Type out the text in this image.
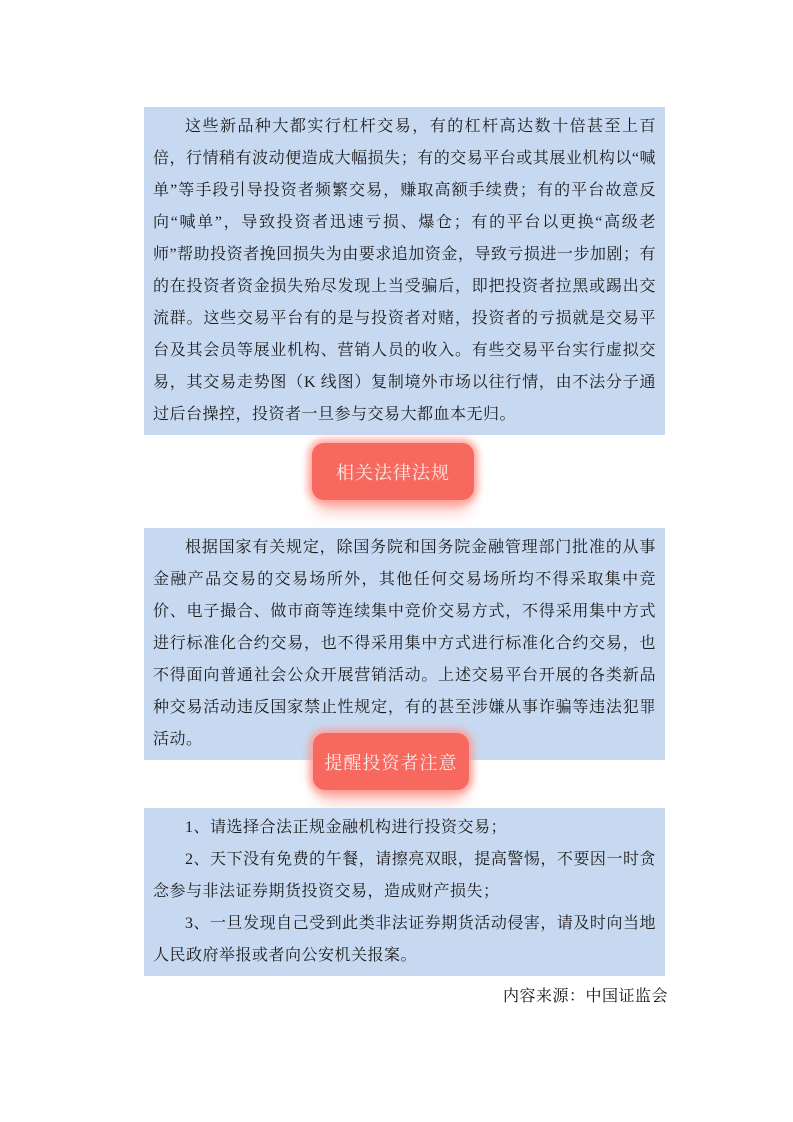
这些新品种大都实行杠杆交易，有的杠杆高达数十倍甚至上百倍，行情稍有波动便造成大幅损失；有的交易平台或其展业机构以“喊单”等手段引导投资者频繁交易，赚取高额手续费；有的平台故意反向“喊单”，导致投资者迅速亏损、爆仓；有的平台以更换“高级老师”帮助投资者挽回损失为由要求追加资金，导致亏损进一步加剧；有的在投资者资金损失殆尽发现上当受骗后，即把投资者拉黑或踢出交流群。这些交易平台有的是与投资者对赌，投资者的亏损就是交易平台及其会员等展业机构、营销人员的收入。有些交易平台实行虚拟交易，其交易走势图（K 线图）复制境外市场以往行情，由不法分子通过后台操控，投资者一旦参与交易大都血本无归。

相关法律法规

根据国家有关规定，除国务院和国务院金融管理部门批准的从事金融产品交易的交易场所外，其他任何交易场所均不得采取集中竞价、电子撮合、做市商等连续集中竞价交易方式，不得采用集中方式进行标准化合约交易，也不得采用集中方式进行标准化合约交易，也不得面向普通社会公众开展营销活动。上述交易平台开展的各类新品种交易活动违反国家禁止性规定，有的甚至涉嫌从事诈骗等违法犯罪活动。

提醒投资者注意

1、请选择合法正规金融机构进行投资交易；

2、天下没有免费的午餐，请擦亮双眼，提高警惕，不要因一时贪念参与非法证券期货投资交易，造成财产损失；

3、一旦发现自己受到此类非法证券期货活动侵害，请及时向当地人民政府举报或者向公安机关报案。

内容来源：中国证监会
